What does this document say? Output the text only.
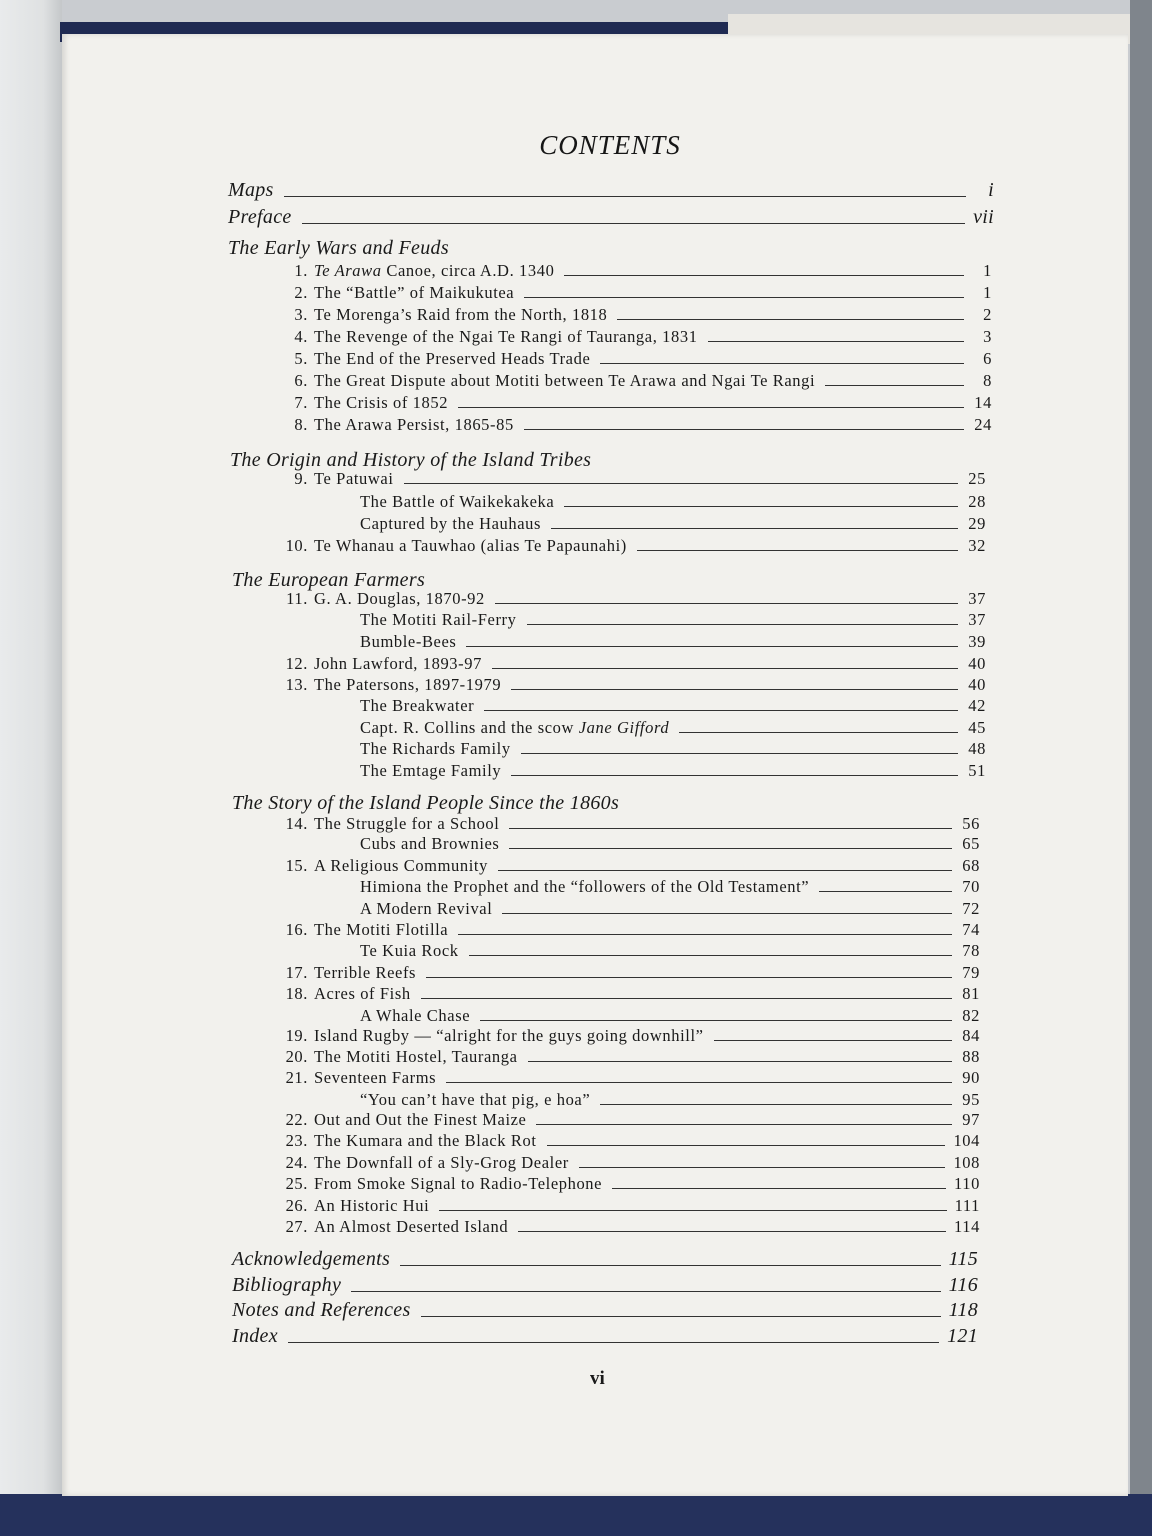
CONTENTS
Maps	i
Preface	vii
The Early Wars and Feuds
The Origin and History of the Island Tribes
The European Farmers
The Story of the Island People Since the 1860s
1. Te Arawa Canoe, circa A.D. 1340	1
2. The “Battle” of Maikukutea	1
3. Te Morenga’s Raid from the North, 1818	2
4. The Revenge of the Ngai Te Rangi of Tauranga, 1831	3
5. The End of the Preserved Heads Trade	6
6. The Great Dispute about Motiti between Te Arawa and Ngai Te Rangi	8
7. The Crisis of 1852	14
8. The Arawa Persist, 1865-85	24
9. Te Patuwai	25
The Battle of Waikekakeka	28
Captured by the Hauhaus	29
10. Te Whanau a Tauwhao (alias Te Papaunahi)	32
11. G. A. Douglas, 1870-92	37
The Motiti Rail-Ferry	37
Bumble-Bees	39
12. John Lawford, 1893-97	40
13. The Patersons, 1897-1979	40
The Breakwater	42
Capt. R. Collins and the scow Jane Gifford	45
The Richards Family	48
The Emtage Family	51
14. The Struggle for a School	56
Cubs and Brownies	65
15. A Religious Community	68
Himiona the Prophet and the “followers of the Old Testament”	70
A Modern Revival	72
16. The Motiti Flotilla	74
Te Kuia Rock	78
17. Terrible Reefs	79
18. Acres of Fish	81
A Whale Chase	82
19. Island Rugby — “alright for the guys going downhill”	84
20. The Motiti Hostel, Tauranga	88
21. Seventeen Farms	90
“You can’t have that pig, e hoa”	95
22. Out and Out the Finest Maize	97
23. The Kumara and the Black Rot	104
24. The Downfall of a Sly-Grog Dealer	108
25. From Smoke Signal to Radio-Telephone	110
26. An Historic Hui	111
27. An Almost Deserted Island	114
Acknowledgements	115
Bibliography	116
Notes and References	118
Index	121
vi
